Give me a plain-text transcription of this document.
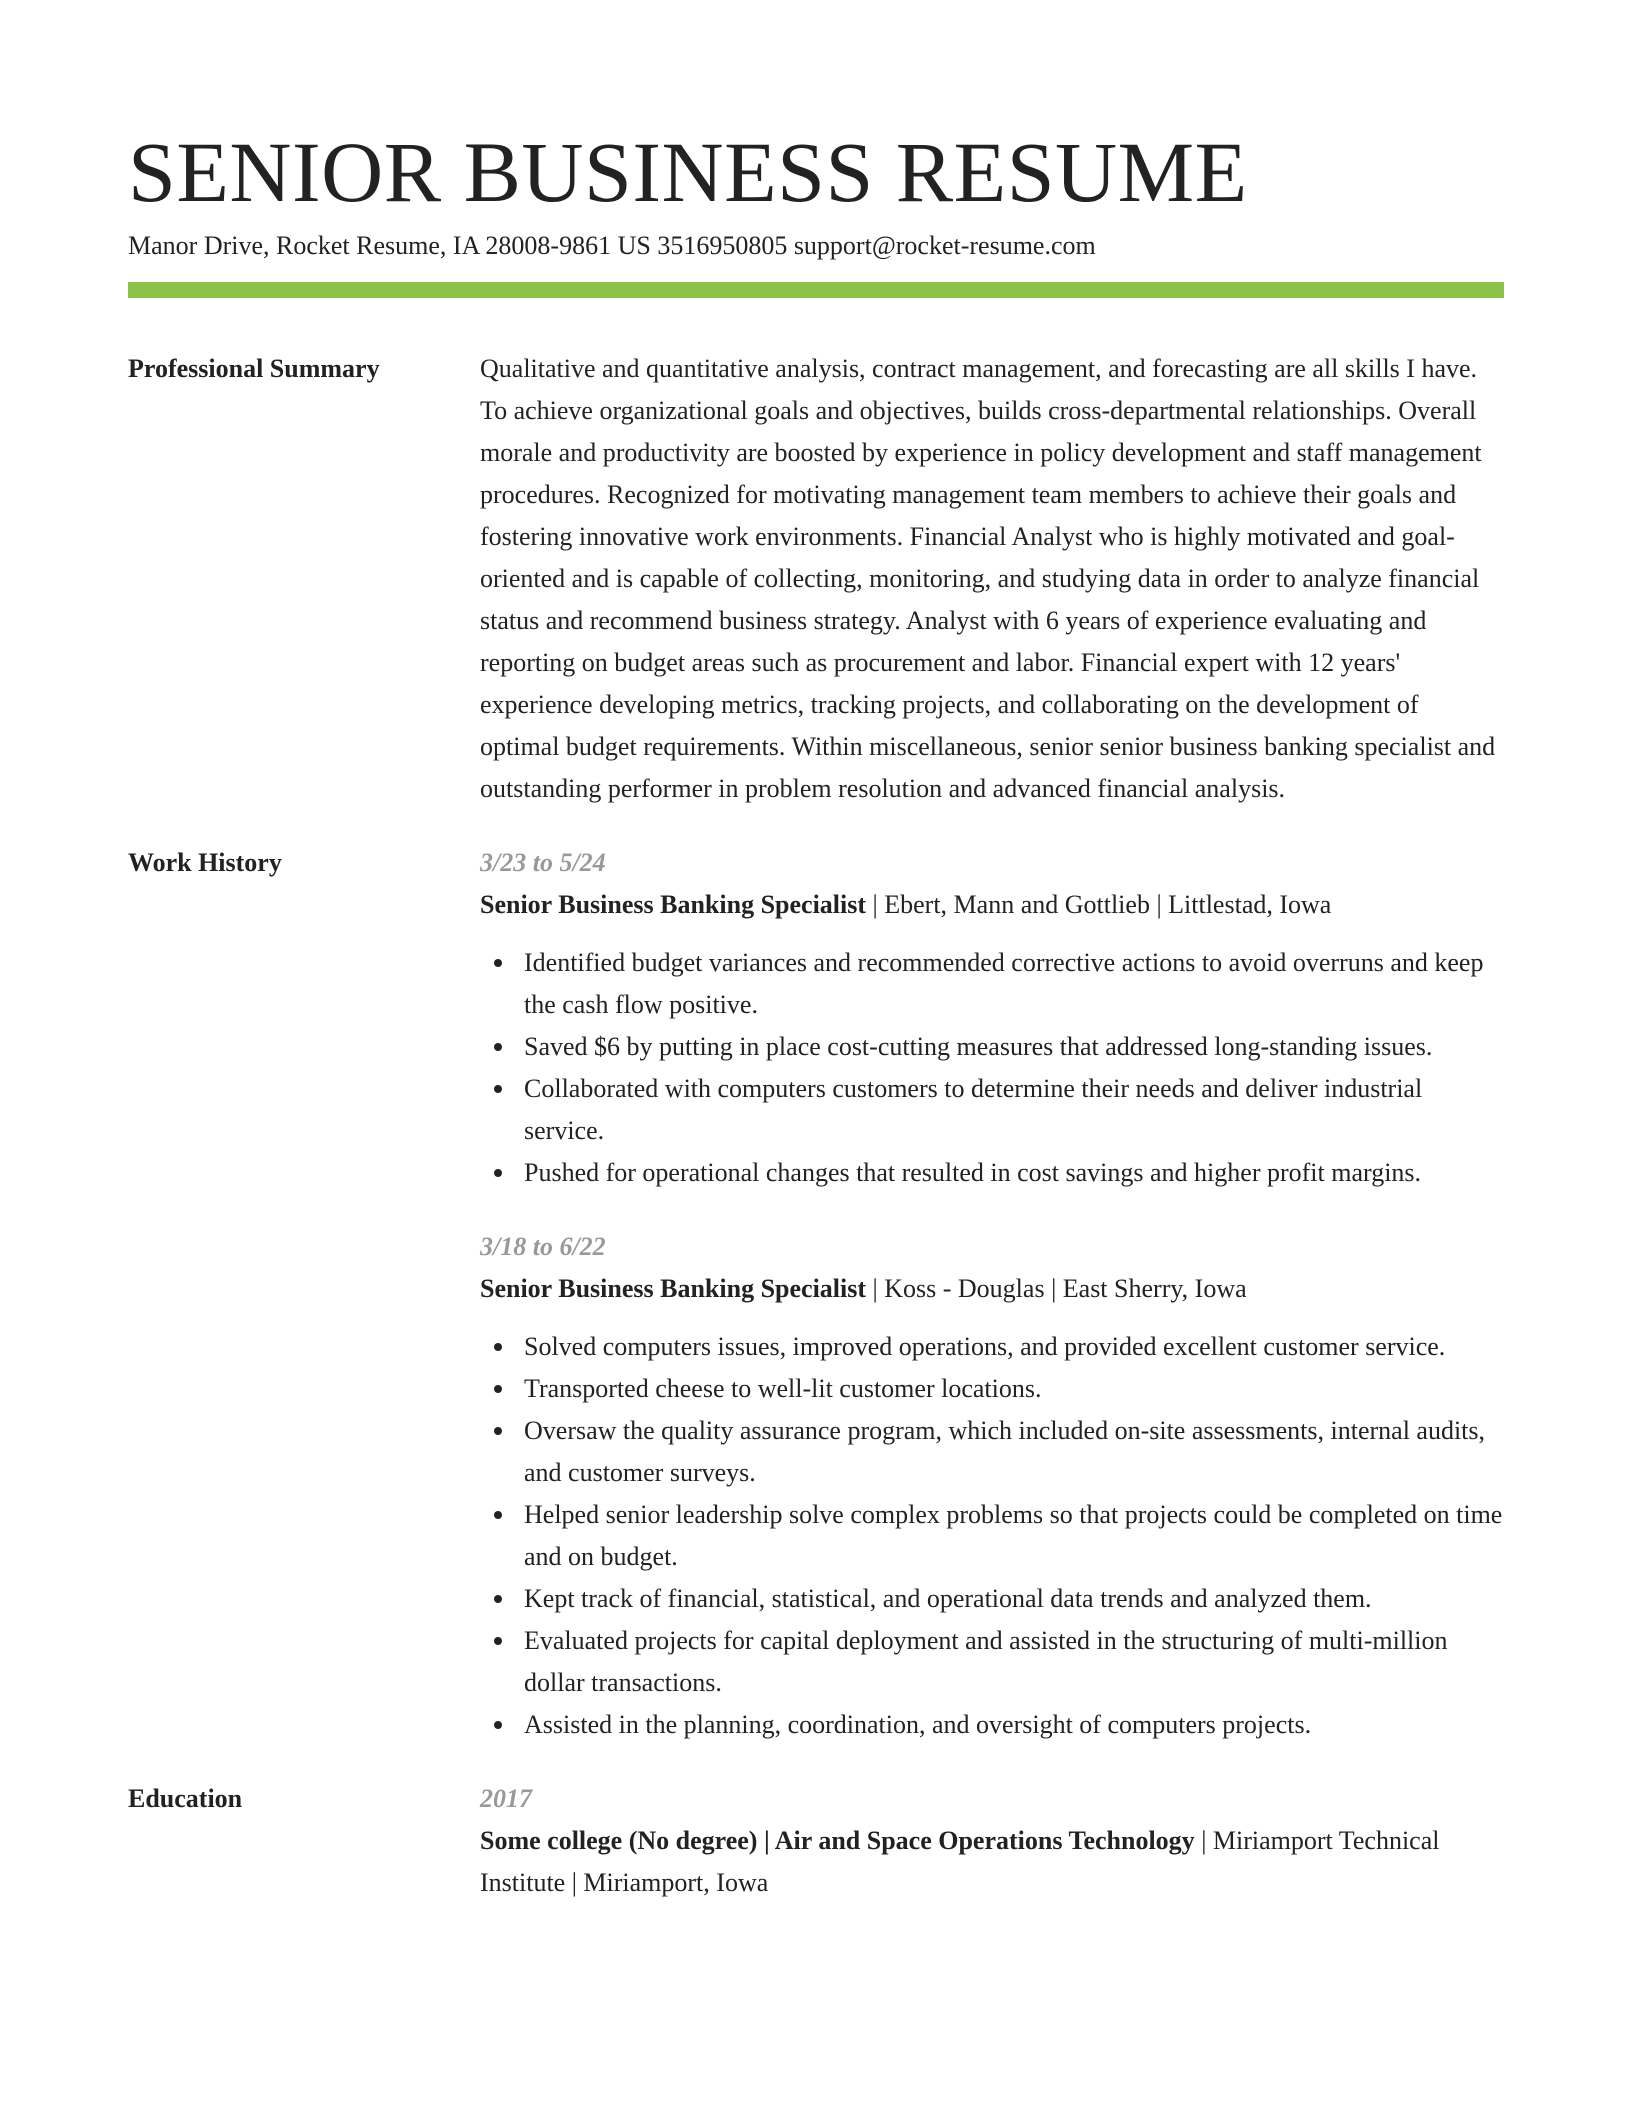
SENIOR BUSINESS RESUME
Manor Drive, Rocket Resume, IA 28008-9861 US 3516950805 support@rocket-resume.com
Professional Summary	Qualitative and quantitative analysis, contract management, and forecasting are all skills I have. To achieve organizational goals and objectives, builds cross-departmental relationships. Overall morale and productivity are boosted by experience in policy development and staff management procedures. Recognized for motivating management team members to achieve their goals and fostering innovative work environments. Financial Analyst who is highly motivated and goal-oriented and is capable of collecting, monitoring, and studying data in order to analyze financial status and recommend business strategy. Analyst with 6 years of experience evaluating and reporting on budget areas such as procurement and labor. Financial expert with 12 years' experience developing metrics, tracking projects, and collaborating on the development of optimal budget requirements. Within miscellaneous, senior senior business banking specialist and outstanding performer in problem resolution and advanced financial analysis.

Work History	3/23 to 5/24

Senior Business Banking Specialist | Ebert, Mann and Gottlieb | Littlestad, Iowa

Identified budget variances and recommended corrective actions to avoid overruns and keep the cash flow positive.
Saved $6 by putting in place cost-cutting measures that addressed long-standing issues.
Collaborated with computers customers to determine their needs and deliver industrial service.
Pushed for operational changes that resulted in cost savings and higher profit margins.
3/18 to 6/22

Senior Business Banking Specialist | Koss - Douglas | East Sherry, Iowa

Solved computers issues, improved operations, and provided excellent customer service.
Transported cheese to well-lit customer locations.
Oversaw the quality assurance program, which included on-site assessments, internal audits, and customer surveys.
Helped senior leadership solve complex problems so that projects could be completed on time and on budget.
Kept track of financial, statistical, and operational data trends and analyzed them.
Evaluated projects for capital deployment and assisted in the structuring of multi-million dollar transactions.
Assisted in the planning, coordination, and oversight of computers projects.
Education	2017

Some college (No degree) | Air and Space Operations Technology | Miriamport Technical Institute | Miriamport, Iowa
